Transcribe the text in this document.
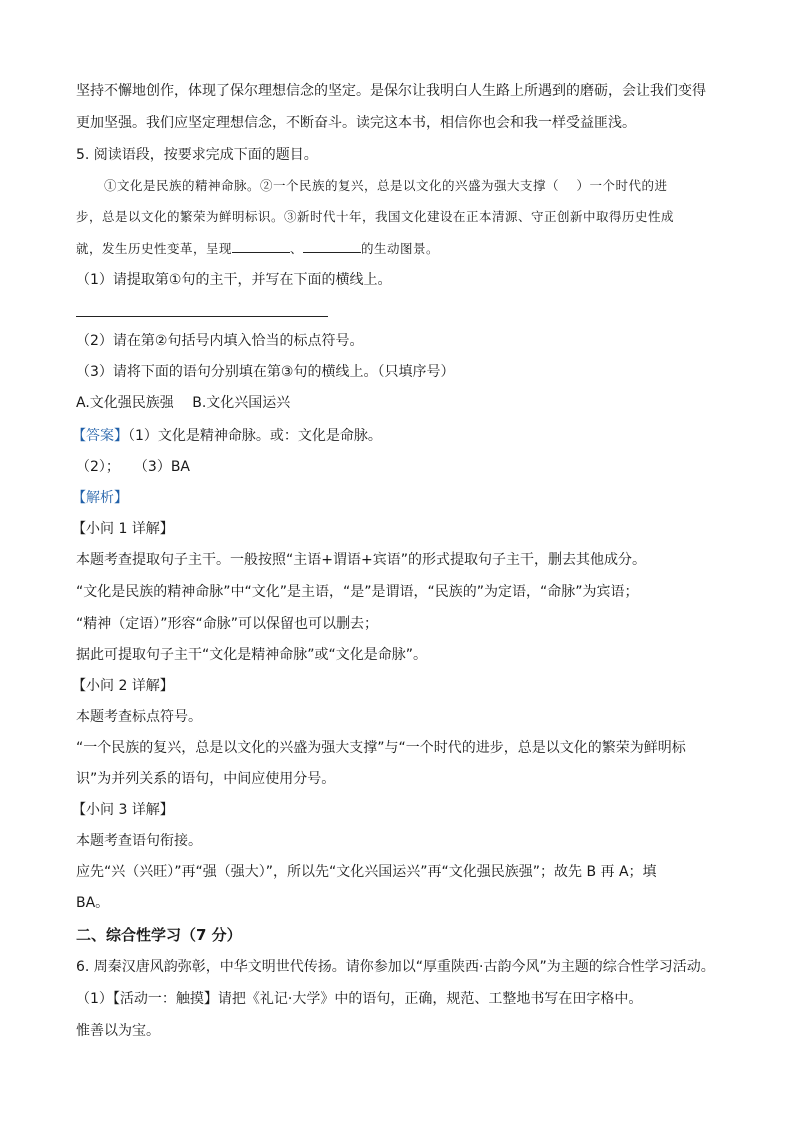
坚持不懈地创作，体现了保尔理想信念的坚定。是保尔让我明白人生路上所遇到的磨砺，会让我们变得
更加坚强。我们应坚定理想信念，不断奋斗。读完这本书，相信你也会和我一样受益匪浅。
5. 阅读语段，按要求完成下面的题目。
①文化是民族的精神命脉。②一个民族的复兴，总是以文化的兴盛为强大支撑（　 ）一个时代的进
步，总是以文化的繁荣为鲜明标识。③新时代十年，我国文化建设在正本清源、守正创新中取得历史性成
就，发生历史性变革，呈现	、	的生动图景。
（1）请提取第①句的主干，并写在下面的横线上。
（2）请在第②句括号内填入恰当的标点符号。
（3）请将下面的语句分别填在第③句的横线上。（只填序号）
A.文化强民族强　 B.文化兴国运兴
【答案】（1）文化是精神命脉。或：文化是命脉。
（2）；　　（3）BA
【解析】
【小问 1 详解】
本题考查提取句子主干。一般按照“主语+谓语+宾语”的形式提取句子主干，删去其他成分。
“文化是民族的精神命脉”中“文化”是主语，“是”是谓语，“民族的”为定语，“命脉”为宾语；
“精神（定语）”形容“命脉”可以保留也可以删去；
据此可提取句子主干“文化是精神命脉”或“文化是命脉”。
【小问 2 详解】
本题考查标点符号。
“一个民族的复兴，总是以文化的兴盛为强大支撑”与“一个时代的进步，总是以文化的繁荣为鲜明标
识”为并列关系的语句，中间应使用分号。
【小问 3 详解】
本题考查语句衔接。
应先“兴（兴旺）”再“强（强大）”，所以先“文化兴国运兴”再“文化强民族强”；故先 B 再 A；填
BA。
二、综合性学习（7 分）
6. 周秦汉唐风韵弥彰，中华文明世代传扬。请你参加以“厚重陕西·古韵今风”为主题的综合性学习活动。
（1）【活动一：触摸】请把《礼记·大学》中的语句，正确，规范、工整地书写在田字格中。
惟善以为宝。
